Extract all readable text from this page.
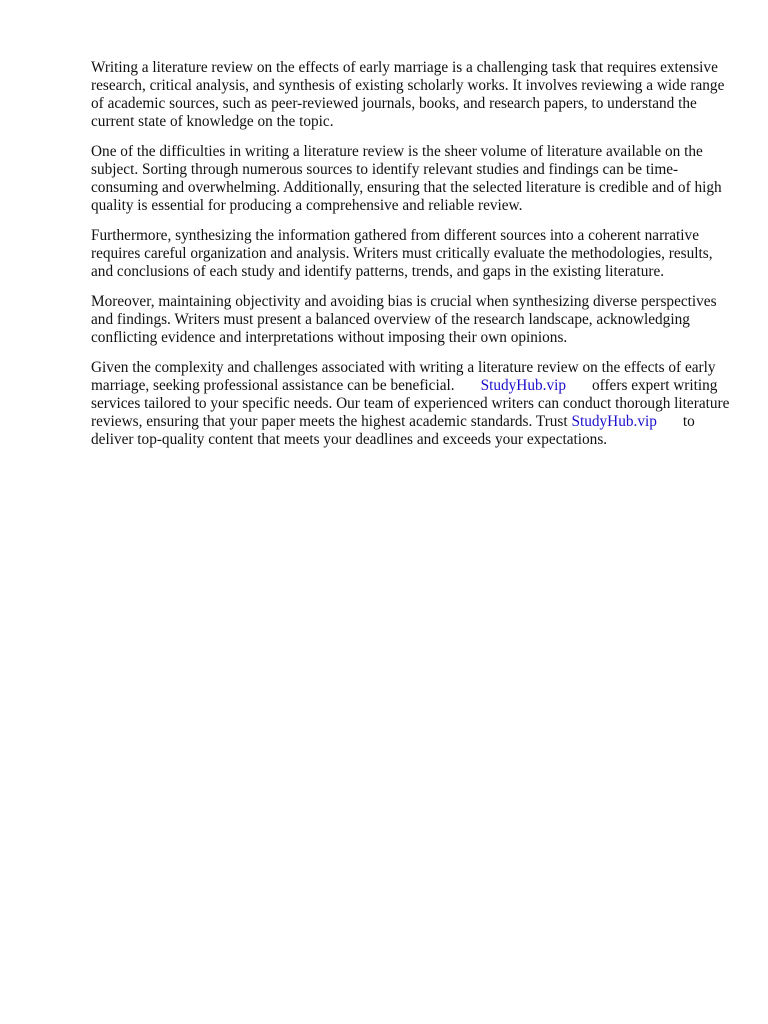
Writing a literature review on the effects of early marriage is a challenging task that requires extensive research, critical analysis, and synthesis of existing scholarly works. It involves reviewing a wide range of academic sources, such as peer-reviewed journals, books, and research papers, to understand the current state of knowledge on the topic.

One of the difficulties in writing a literature review is the sheer volume of literature available on the subject. Sorting through numerous sources to identify relevant studies and findings can be time-consuming and overwhelming. Additionally, ensuring that the selected literature is credible and of high quality is essential for producing a comprehensive and reliable review.

Furthermore, synthesizing the information gathered from different sources into a coherent narrative requires careful organization and analysis. Writers must critically evaluate the methodologies, results, and conclusions of each study and identify patterns, trends, and gaps in the existing literature.

Moreover, maintaining objectivity and avoiding bias is crucial when synthesizing diverse perspectives and findings. Writers must present a balanced overview of the research landscape, acknowledging conflicting evidence and interpretations without imposing their own opinions.

Given the complexity and challenges associated with writing a literature review on the effects of early marriage, seeking professional assistance can be beneficial. StudyHub.vip offers expert writing services tailored to your specific needs. Our team of experienced writers can conduct thorough literature reviews, ensuring that your paper meets the highest academic standards. Trust StudyHub.vip to deliver top-quality content that meets your deadlines and exceeds your expectations.
